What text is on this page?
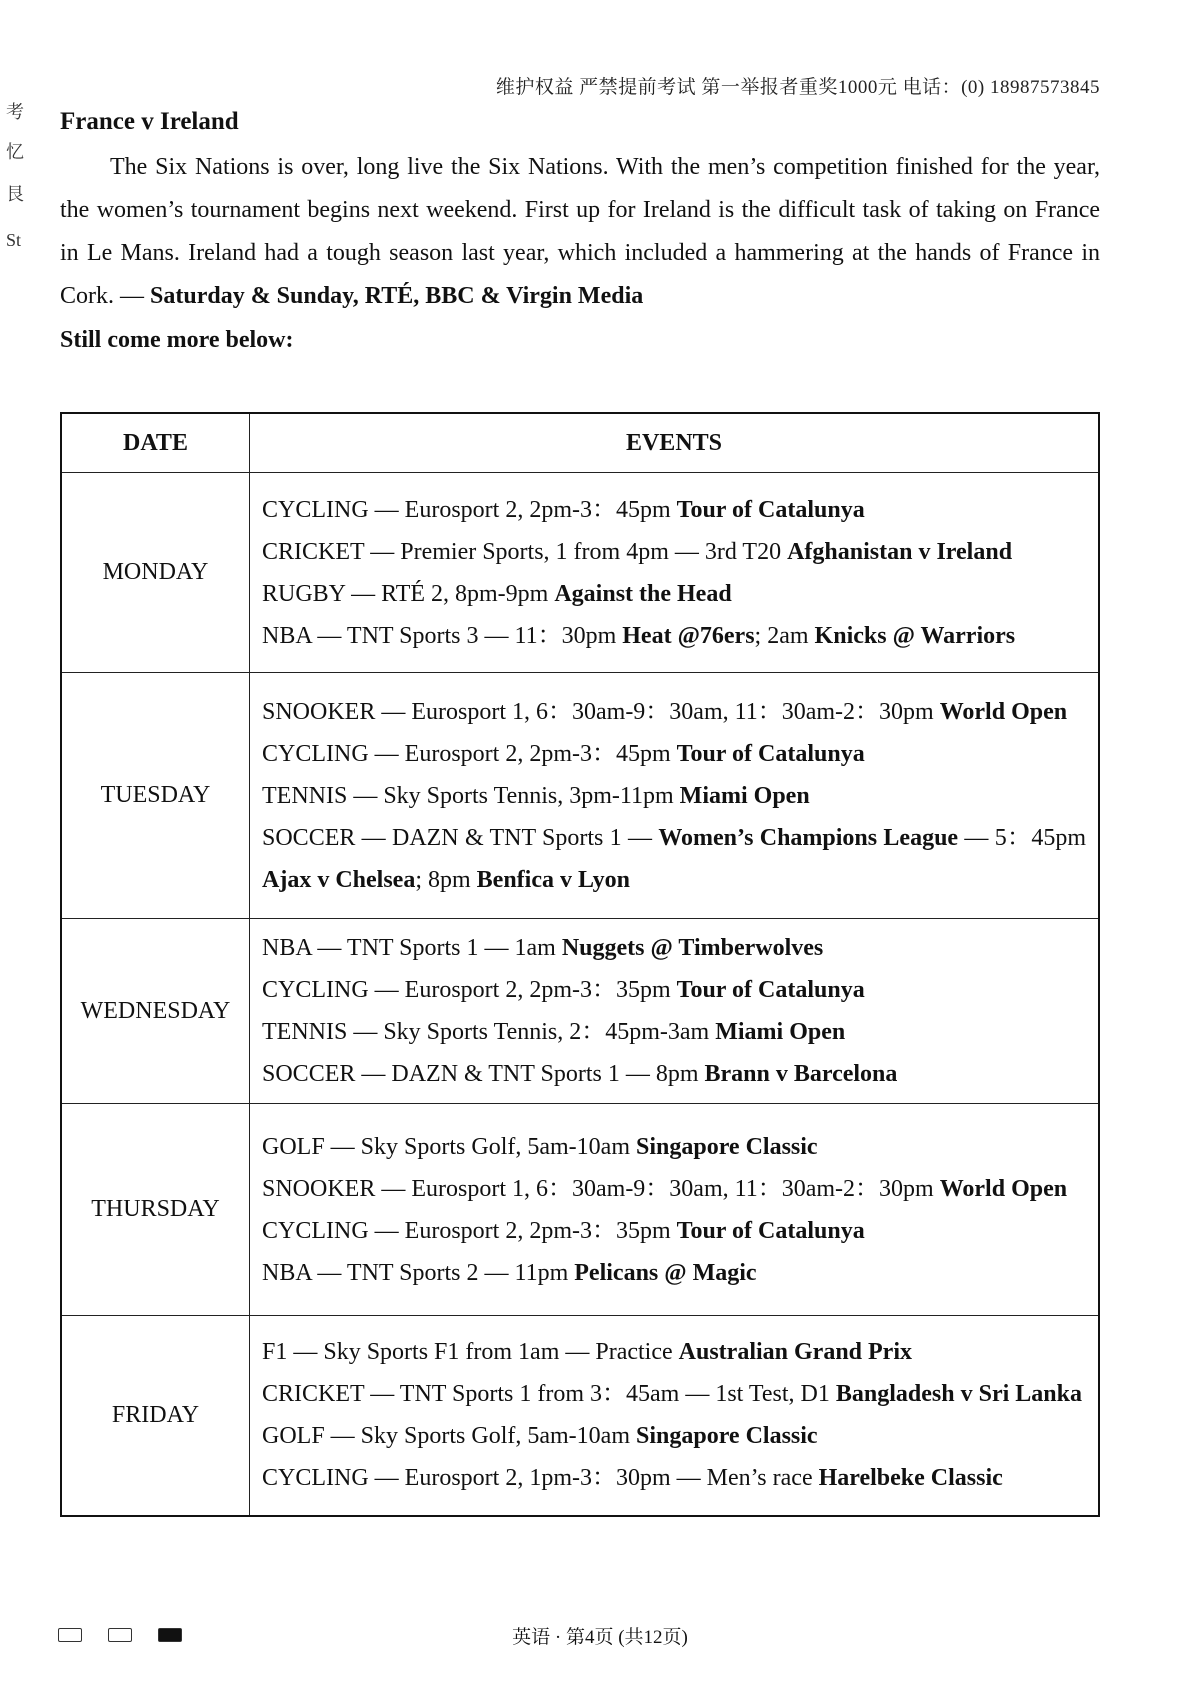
考
忆
艮
St
维护权益 严禁提前考试 第一举报者重奖1000元 电话：(0) 18987573845
France v Ireland

The Six Nations is over, long live the Six Nations. With the men’s competition finished for the year, the women’s tournament begins next weekend. First up for Ireland is the difficult task of taking on France in Le Mans. Ireland had a tough season last year, which included a hammering at the hands of France in Cork. — Saturday & Sunday, RTÉ, BBC & Virgin Media

Still come more below:

DATE	EVENTS
MONDAY	CYCLING — Eurosport 2, 2pm-3：45pm Tour of Catalunya
CRICKET — Premier Sports, 1 from 4pm — 3rd T20 Afghanistan v Ireland
RUGBY — RTÉ 2, 8pm-9pm Against the Head
NBA — TNT Sports 3 — 11：30pm Heat @76ers; 2am Knicks @ Warriors

TUESDAY	SNOOKER — Eurosport 1, 6：30am-9：30am, 11：30am-2：30pm World Open
CYCLING — Eurosport 2, 2pm-3：45pm Tour of Catalunya
TENNIS — Sky Sports Tennis, 3pm-11pm Miami Open
SOCCER — DAZN & TNT Sports 1 — Women’s Champions League — 5：45pm Ajax v Chelsea; 8pm Benfica v Lyon

WEDNESDAY	NBA — TNT Sports 1 — 1am Nuggets @ Timberwolves
CYCLING — Eurosport 2, 2pm-3：35pm Tour of Catalunya
TENNIS — Sky Sports Tennis, 2：45pm-3am Miami Open
SOCCER — DAZN & TNT Sports 1 — 8pm Brann v Barcelona

THURSDAY	GOLF — Sky Sports Golf, 5am-10am Singapore Classic
SNOOKER — Eurosport 1, 6：30am-9：30am, 11：30am-2：30pm World Open
CYCLING — Eurosport 2, 2pm-3：35pm Tour of Catalunya
NBA — TNT Sports 2 — 11pm Pelicans @ Magic

FRIDAY	F1 — Sky Sports F1 from 1am — Practice Australian Grand Prix
CRICKET — TNT Sports 1 from 3：45am — 1st Test, D1 Bangladesh v Sri Lanka
GOLF — Sky Sports Golf, 5am-10am Singapore Classic
CYCLING — Eurosport 2, 1pm-3：30pm — Men’s race Harelbeke Classic
英语 · 第4页 (共12页)
